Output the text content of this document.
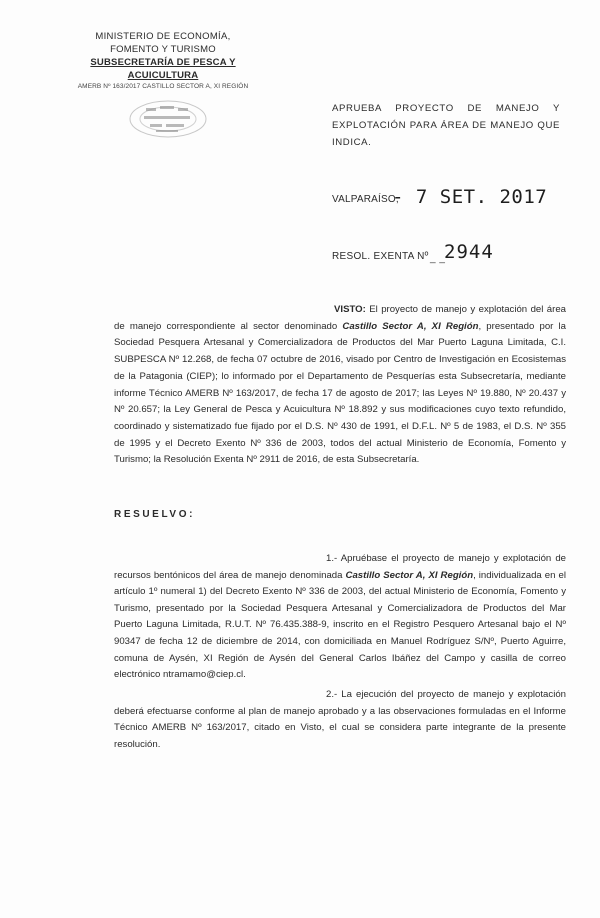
MINISTERIO DE ECONOMÍA,
FOMENTO Y TURISMO
SUBSECRETARÍA DE PESCA Y ACUICULTURA
AMERB Nº 163/2017 CASTILLO SECTOR A, XI REGIÓN
APRUEBA PROYECTO DE MANEJO Y EXPLOTACIÓN PARA ÁREA DE MANEJO QUE INDICA.
VALPARAÍSO,
- 7 SET. 2017
RESOL. EXENTA Nº _ _
2944
VISTO: El proyecto de manejo y explotación del área de manejo correspondiente al sector denominado Castillo Sector A, XI Región, presentado por la Sociedad Pesquera Artesanal y Comercializadora de Productos del Mar Puerto Laguna Limitada, C.I. SUBPESCA Nº 12.268, de fecha 07 octubre de 2016, visado por Centro de Investigación en Ecosistemas de la Patagonia (CIEP); lo informado por el Departamento de Pesquerías esta Subsecretaría, mediante informe Técnico AMERB Nº 163/2017, de fecha 17 de agosto de 2017; las Leyes Nº 19.880, Nº 20.437 y Nº 20.657; la Ley General de Pesca y Acuicultura Nº 18.892 y sus modificaciones cuyo texto refundido, coordinado y sistematizado fue fijado por el D.S. Nº 430 de 1991, el D.F.L. Nº 5 de 1983, el D.S. Nº 355 de 1995 y el Decreto Exento Nº 336 de 2003, todos del actual Ministerio de Economía, Fomento y Turismo; la Resolución Exenta Nº 2911 de 2016, de esta Subsecretaría.
RESUELVO:
1.- Apruébase el proyecto de manejo y explotación de recursos bentónicos del área de manejo denominada Castillo Sector A, XI Región, individualizada en el artículo 1º numeral 1) del Decreto Exento Nº 336 de 2003, del actual Ministerio de Economía, Fomento y Turismo, presentado por la Sociedad Pesquera Artesanal y Comercializadora de Productos del Mar Puerto Laguna Limitada, R.U.T. Nº 76.435.388-9, inscrito en el Registro Pesquero Artesanal bajo el Nº 90347 de fecha 12 de diciembre de 2014, con domiciliada en Manuel Rodríguez S/Nº, Puerto Aguirre, comuna de Aysén, XI Región de Aysén del General Carlos Ibáñez del Campo y casilla de correo electrónico ntramamo@ciep.cl.
2.- La ejecución del proyecto de manejo y explotación deberá efectuarse conforme al plan de manejo aprobado y a las observaciones formuladas en el Informe Técnico AMERB Nº 163/2017, citado en Visto, el cual se considera parte integrante de la presente resolución.
